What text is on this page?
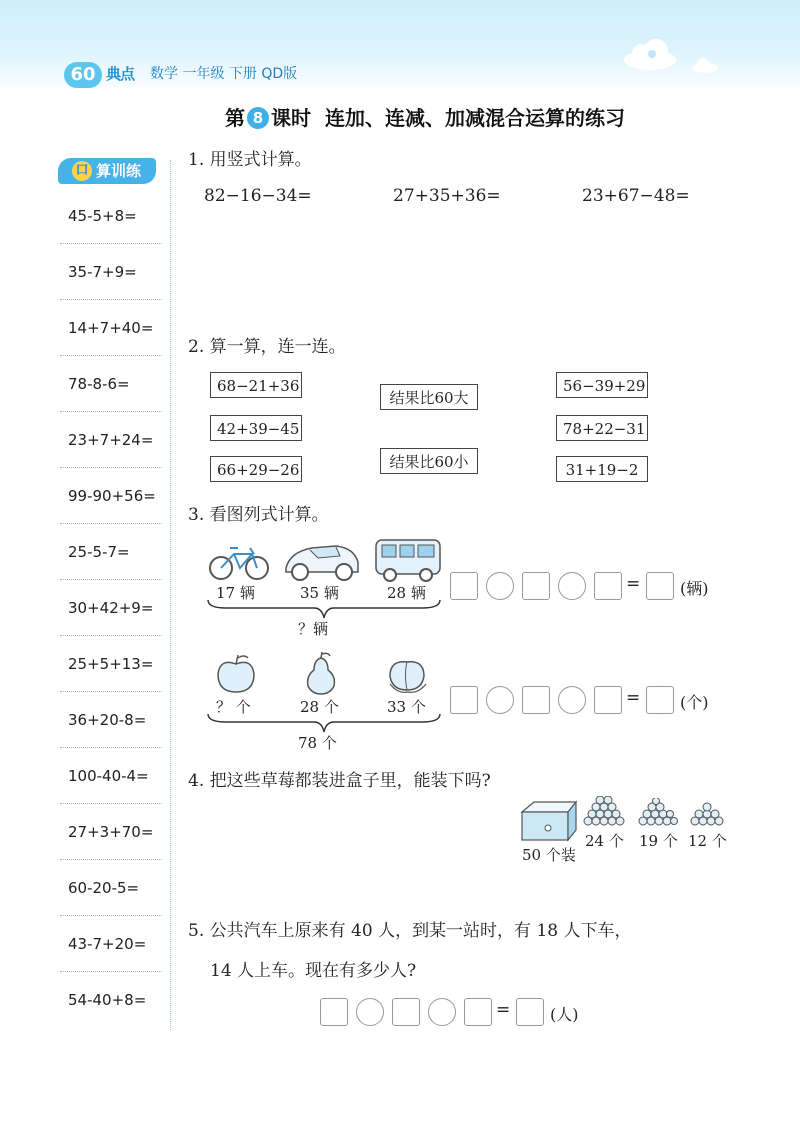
60 典点 数学 一年级 下册 QD版
第 8 课时 连加、连减、加减混合运算的练习
口 算训练
45-5+8=
35-7+9=
14+7+40=
78-8-6=
23+7+24=
99-90+56=
25-5-7=
30+42+9=
25+5+13=
36+20-8=
100-40-4=
27+3+70=
60-20-5=
43-7+20=
54-40+8=
1. 用竖式计算。
82−16−34=	27+35+36=	23+67−48=
2. 算一算，连一连。
68−21+36
42+39−45
66+29−26
结果比60大
结果比60小
56−39+29
78+22−31
31+19−2
3. 看图列式计算。
17 辆	35 辆	28 辆
？辆
= (辆)
？ 个	28 个	33 个
78 个
= (个)
4. 把这些草莓都装进盒子里，能装下吗?
50 个装
24 个 19 个 12 个
5. 公共汽车上原来有 40 人，到某一站时，有 18 人下车，
14 人上车。现在有多少人?
= (人)
